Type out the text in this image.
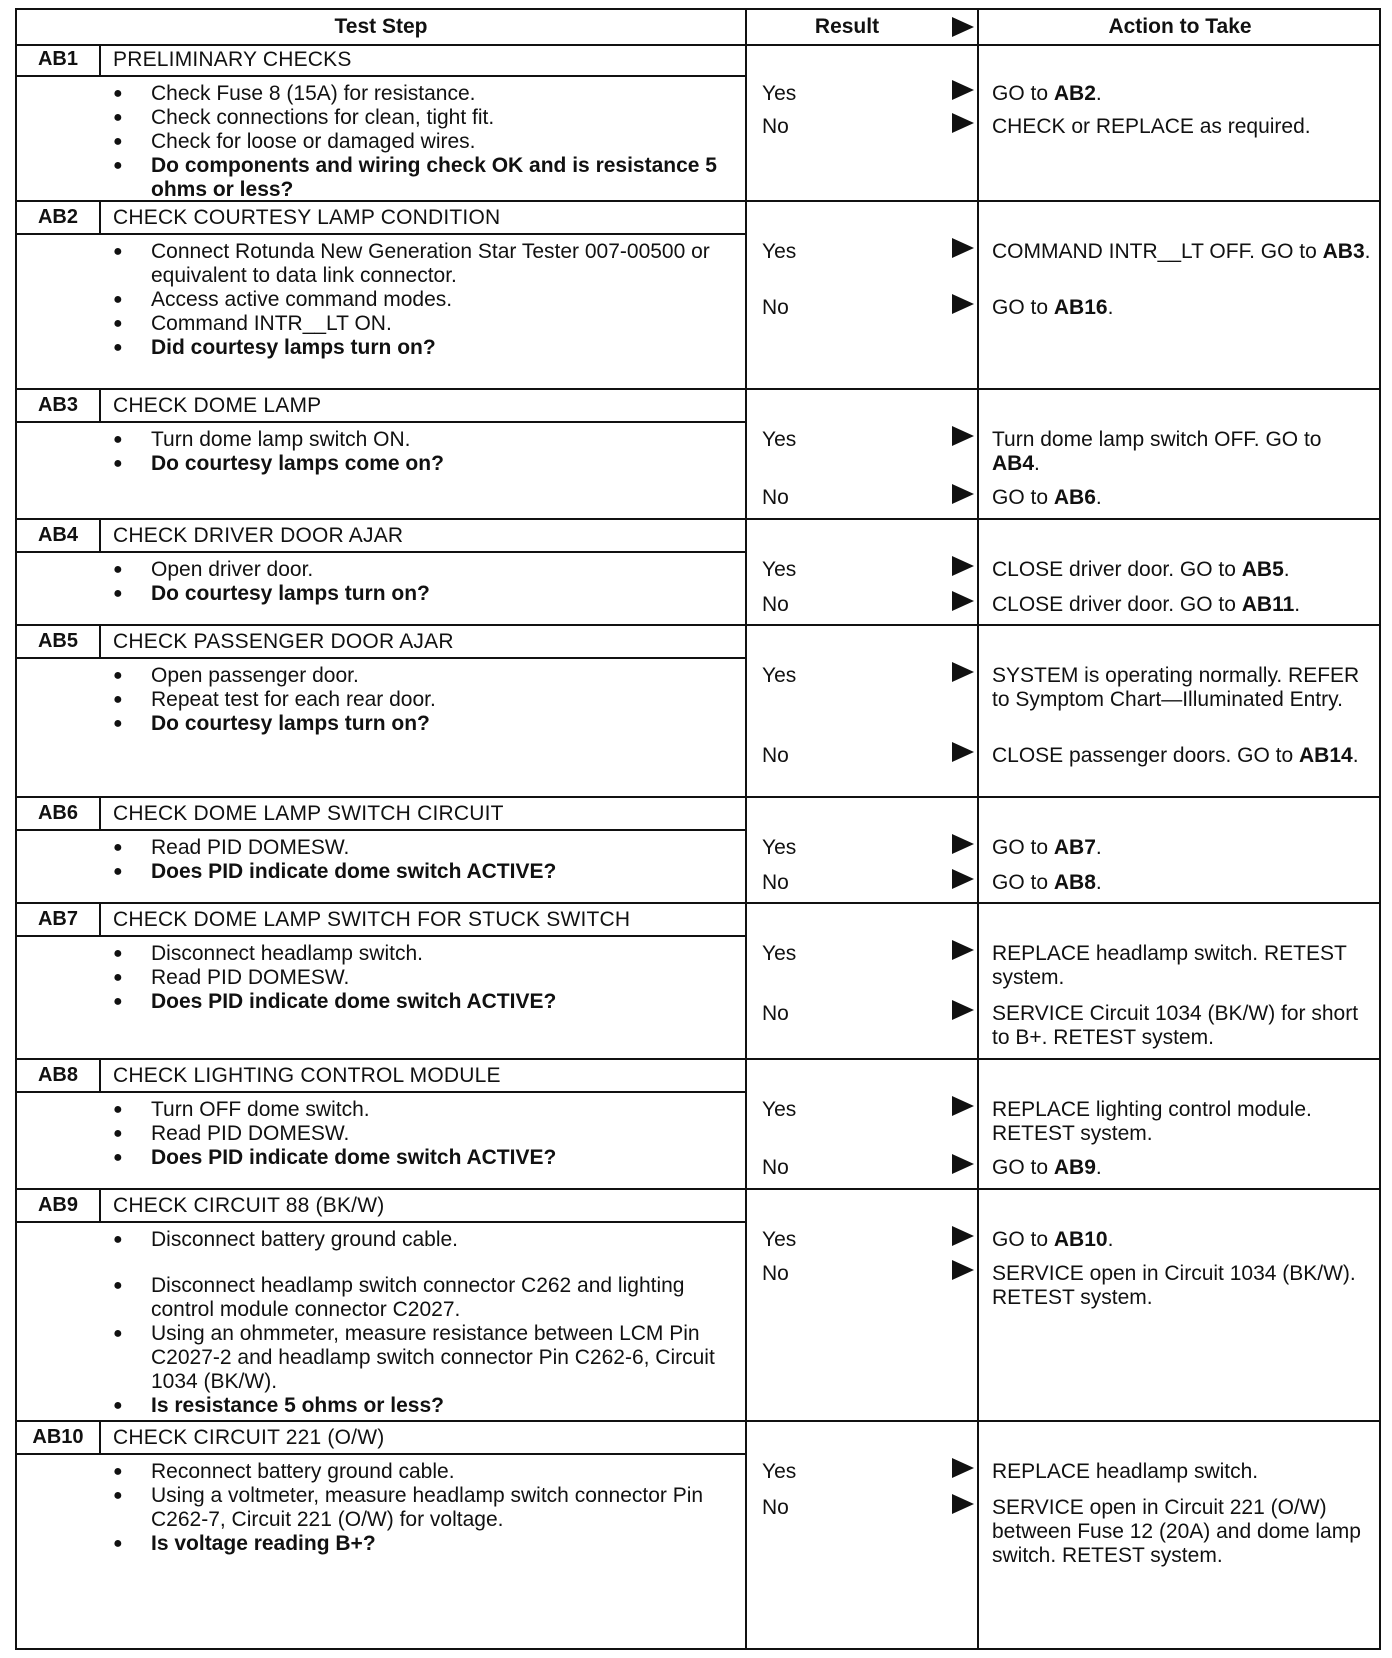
Test Step	Result	Action to Take
AB1	PRELIMINARY CHECKS
● Check Fuse 8 (15A) for resistance.
● Check connections for clean, tight fit.
● Check for loose or damaged wires.
● Do components and wiring check OK and is resistance 5 ohms or less?
Yes	GO to AB2.
No	CHECK or REPLACE as required.
AB2	CHECK COURTESY LAMP CONDITION
● Connect Rotunda New Generation Star Tester 007-00500 or equivalent to data link connector.
● Access active command modes.
● Command INTR__LT ON.
● Did courtesy lamps turn on?
Yes	COMMAND INTR__LT OFF. GO to AB3.
No	GO to AB16.
AB3	CHECK DOME LAMP
● Turn dome lamp switch ON.
● Do courtesy lamps come on?
Yes	Turn dome lamp switch OFF. GO to AB4.
No	GO to AB6.
AB4	CHECK DRIVER DOOR AJAR
● Open driver door.
● Do courtesy lamps turn on?
Yes	CLOSE driver door. GO to AB5.
No	CLOSE driver door. GO to AB11.
AB5	CHECK PASSENGER DOOR AJAR
● Open passenger door.
● Repeat test for each rear door.
● Do courtesy lamps turn on?
Yes	SYSTEM is operating normally. REFER to Symptom Chart—Illuminated Entry.
No	CLOSE passenger doors. GO to AB14.
AB6	CHECK DOME LAMP SWITCH CIRCUIT
● Read PID DOMESW.
● Does PID indicate dome switch ACTIVE?
Yes	GO to AB7.
No	GO to AB8.
AB7	CHECK DOME LAMP SWITCH FOR STUCK SWITCH
● Disconnect headlamp switch.
● Read PID DOMESW.
● Does PID indicate dome switch ACTIVE?
Yes	REPLACE headlamp switch. RETEST system.
No	SERVICE Circuit 1034 (BK/W) for short to B+. RETEST system.
AB8	CHECK LIGHTING CONTROL MODULE
● Turn OFF dome switch.
● Read PID DOMESW.
● Does PID indicate dome switch ACTIVE?
Yes	REPLACE lighting control module. RETEST system.
No	GO to AB9.
AB9	CHECK CIRCUIT 88 (BK/W)
● Disconnect battery ground cable.
● Disconnect headlamp switch connector C262 and lighting control module connector C2027.
● Using an ohmmeter, measure resistance between LCM Pin C2027-2 and headlamp switch connector Pin C262-6, Circuit 1034 (BK/W).
● Is resistance 5 ohms or less?
Yes	GO to AB10.
No	SERVICE open in Circuit 1034 (BK/W). RETEST system.
AB10	CHECK CIRCUIT 221 (O/W)
● Reconnect battery ground cable.
● Using a voltmeter, measure headlamp switch connector Pin C262-7, Circuit 221 (O/W) for voltage.
● Is voltage reading B+?
Yes	REPLACE headlamp switch.
No	SERVICE open in Circuit 221 (O/W) between Fuse 12 (20A) and dome lamp switch. RETEST system.
